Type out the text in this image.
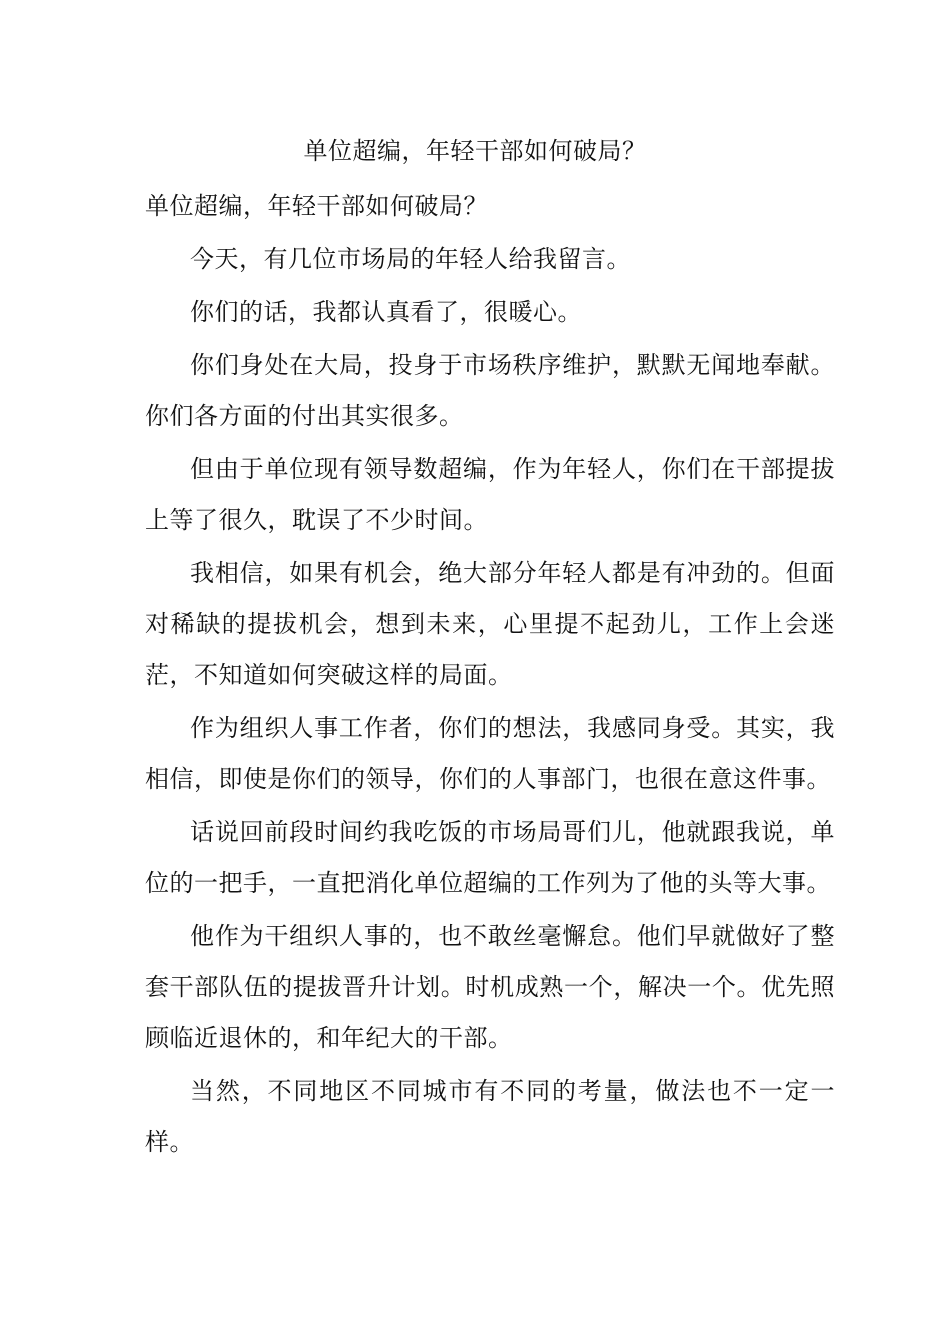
单位超编，年轻干部如何破局？

单位超编，年轻干部如何破局？

今天，有几位市场局的年轻人给我留言。

你们的话，我都认真看了，很暖心。

你们身处在大局，投身于市场秩序维护，默默无闻地奉献。你们各方面的付出其实很多。

但由于单位现有领导数超编，作为年轻人，你们在干部提拔上等了很久，耽误了不少时间。

我相信，如果有机会，绝大部分年轻人都是有冲劲的。但面对稀缺的提拔机会，想到未来，心里提不起劲儿，工作上会迷茫，不知道如何突破这样的局面。

作为组织人事工作者，你们的想法，我感同身受。其实，我相信，即使是你们的领导，你们的人事部门，也很在意这件事。

话说回前段时间约我吃饭的市场局哥们儿，他就跟我说，单位的一把手，一直把消化单位超编的工作列为了他的头等大事。

他作为干组织人事的，也不敢丝毫懈怠。他们早就做好了整套干部队伍的提拔晋升计划。时机成熟一个，解决一个。优先照顾临近退休的，和年纪大的干部。

当然，不同地区不同城市有不同的考量，做法也不一定一样。
